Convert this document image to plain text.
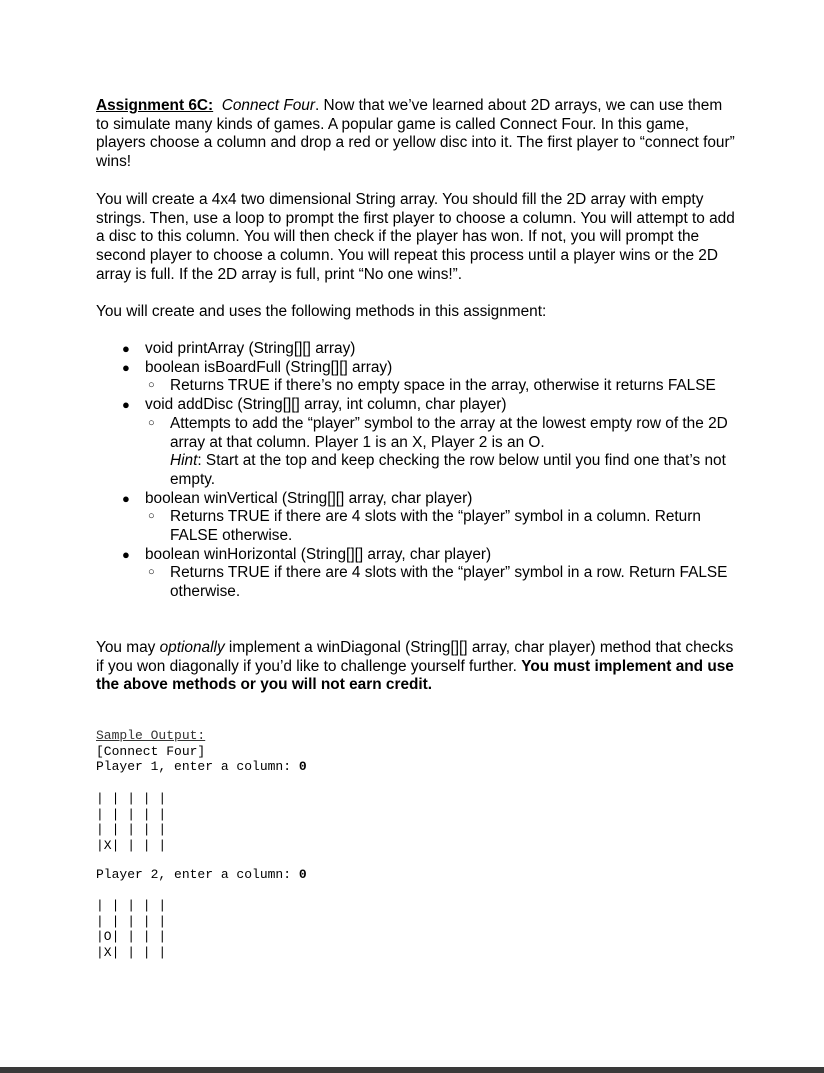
Assignment 6C: Connect Four. Now that we’ve learned about 2D arrays, we can use them to simulate many kinds of games. A popular game is called Connect Four. In this game, players choose a column and drop a red or yellow disc into it. The first player to “connect four” wins!
You will create a 4x4 two dimensional String array. You should fill the 2D array with empty strings. Then, use a loop to prompt the first player to choose a column. You will attempt to add a disc to this column. You will then check if the player has won. If not, you will prompt the second player to choose a column. You will repeat this process until a player wins or the 2D array is full. If the 2D array is full, print “No one wins!”.
You will create and uses the following methods in this assignment:
● void printArray (String[][] array)
● boolean isBoardFull (String[][] array)
○ Returns TRUE if there’s no empty space in the array, otherwise it returns FALSE
● void addDisc (String[][] array, int column, char player)
○ Attempts to add the “player” symbol to the array at the lowest empty row of the 2D array at that column. Player 1 is an X, Player 2 is an O.
Hint: Start at the top and keep checking the row below until you find one that’s not empty.
● boolean winVertical (String[][] array, char player)
○ Returns TRUE if there are 4 slots with the “player” symbol in a column. Return FALSE otherwise.
● boolean winHorizontal (String[][] array, char player)
○ Returns TRUE if there are 4 slots with the “player” symbol in a row. Return FALSE otherwise.
You may optionally implement a winDiagonal (String[][] array, char player) method that checks if you won diagonally if you’d like to challenge yourself further. You must implement and use the above methods or you will not earn credit.
Sample Output:
[Connect Four]
Player 1, enter a column: 0
| | | | |
| | | | |
| | | | |
|X| | | |
Player 2, enter a column: 0
| | | | |
| | | | |
|O| | | |
|X| | | |
